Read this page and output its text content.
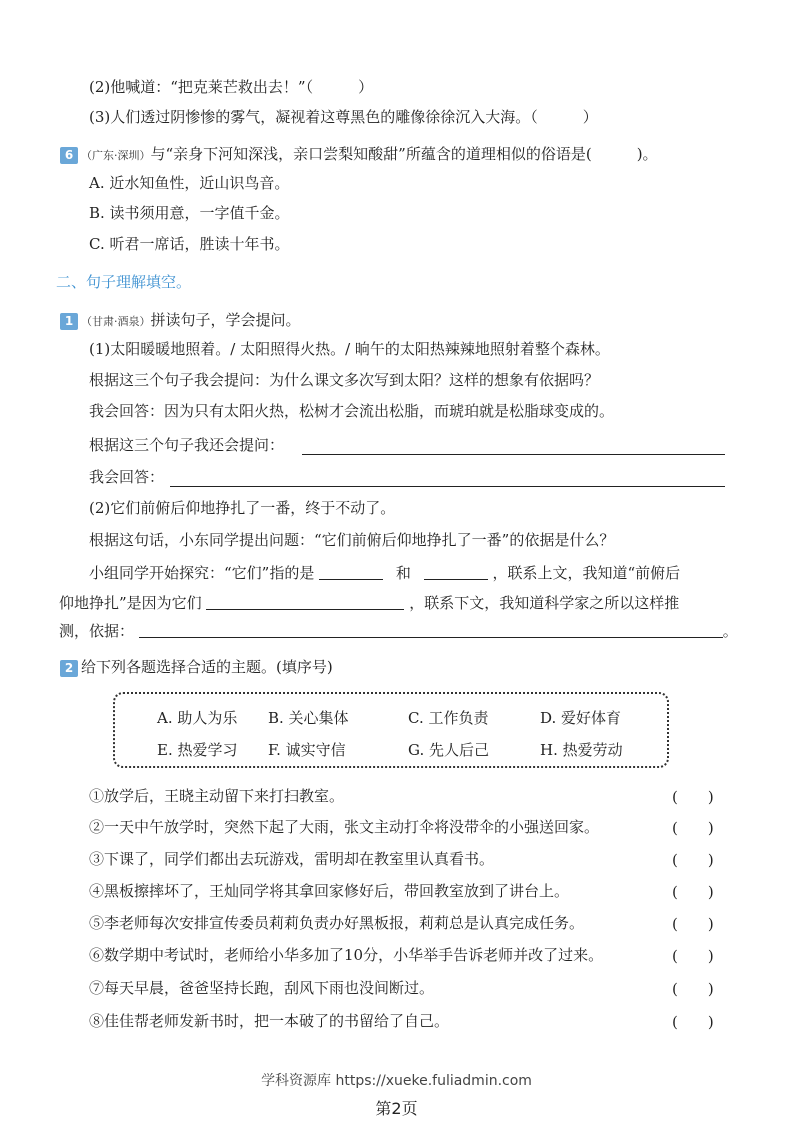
(2)他喊道：“把克莱芒救出去！”（　　　）
(3)人们透过阴惨惨的雾气，凝视着这尊黑色的雕像徐徐沉入大海。（　　　）
6 （广东·深圳）与“亲身下河知深浅，亲口尝梨知酸甜”所蕴含的道理相似的俗语是(　　　)。
A. 近水知鱼性，近山识鸟音。
B. 读书须用意，一字值千金。
C. 听君一席话，胜读十年书。
二、句子理解填空。
1 （甘肃·酒泉）拼读句子，学会提问。
(1)太阳暖暖地照着。/ 太阳照得火热。/ 晌午的太阳热辣辣地照射着整个森林。
根据这三个句子我会提问：为什么课文多次写到太阳？这样的想象有依据吗？
我会回答：因为只有太阳火热，松树才会流出松脂，而琥珀就是松脂球变成的。
根据这三个句子我还会提问：
我会回答：
(2)它们前俯后仰地挣扎了一番，终于不动了。
根据这句话，小东同学提出问题：“它们前俯后仰地挣扎了一番”的依据是什么？
小组同学开始探究：“它们”指的是	和	，联系上文，我知道“前俯后
仰地挣扎”是因为它们	，联系下文，我知道科学家之所以这样推
测，依据：	。
2 给下列各题选择合适的主题。(填序号)
A. 助人为乐 B. 关心集体	C. 工作负责	D. 爱好体育
E. 热爱学习 F. 诚实守信	G. 先人后己	H. 热爱劳动
①放学后，王晓主动留下来打扫教室。	(　　)
②一天中午放学时，突然下起了大雨，张文主动打伞将没带伞的小强送回家。	(　　)
③下课了，同学们都出去玩游戏，雷明却在教室里认真看书。	(　　)
④黑板擦摔坏了，王灿同学将其拿回家修好后，带回教室放到了讲台上。	(　　)
⑤李老师每次安排宣传委员莉莉负责办好黑板报，莉莉总是认真完成任务。	(　　)
⑥数学期中考试时，老师给小华多加了10分，小华举手告诉老师并改了过来。	(　　)
⑦每天早晨，爸爸坚持长跑，刮风下雨也没间断过。	(　　)
⑧佳佳帮老师发新书时，把一本破了的书留给了自己。	(　　)
学科资源库 https://xueke.fuliadmin.com
第2页
